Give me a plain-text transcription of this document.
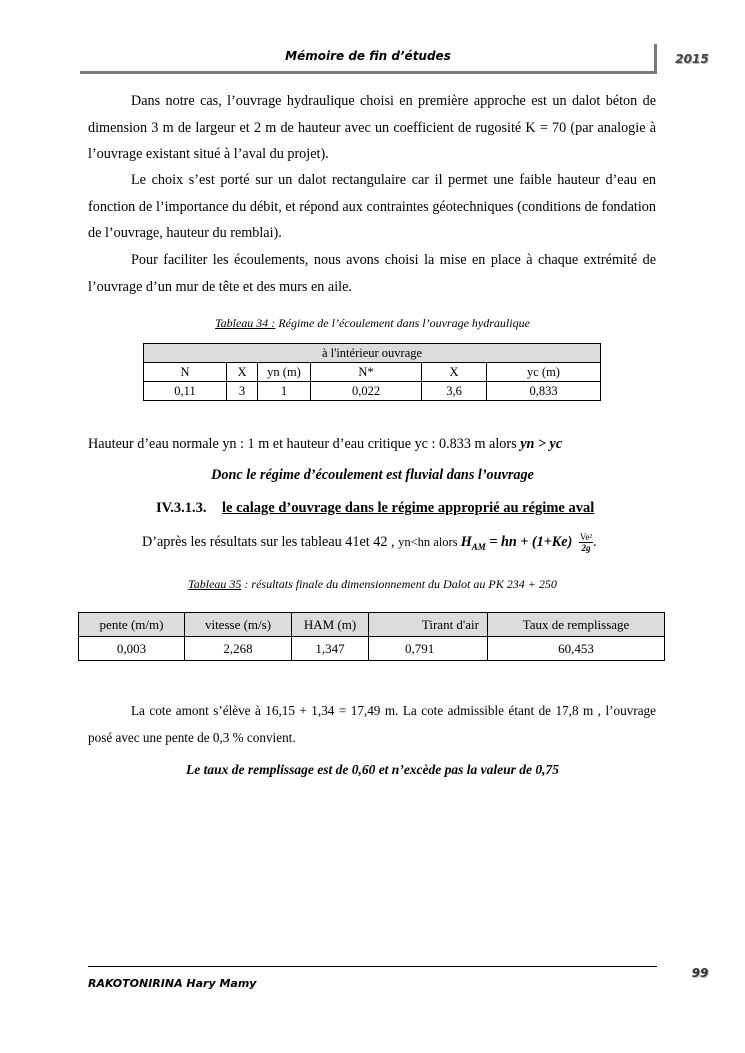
Mémoire de fin d’études	2015
Dans notre cas, l’ouvrage hydraulique choisi en première approche est un dalot béton de dimension 3 m de largeur et 2 m de hauteur avec un coefficient de rugosité K = 70 (par analogie à l’ouvrage existant situé à l’aval du projet).
Le choix s’est porté sur un dalot rectangulaire car il permet une faible hauteur d’eau en fonction de l’importance du débit, et répond aux contraintes géotechniques (conditions de fondation de l’ouvrage, hauteur du remblai).
Pour faciliter les écoulements, nous avons choisi la mise en place à chaque extrémité de l’ouvrage d’un mur de tête et des murs en aile.
Tableau 34 : Régime de l’écoulement dans l’ouvrage hydraulique
à l'intérieur ouvrage					
N	X	yn (m)	N*	X	yc (m)
0,11	3	1	0,022	3,6	0,833
Hauteur d’eau normale yn : 1 m et hauteur d’eau critique yc : 0.833 m alors yn > yc
Donc le régime d’écoulement est fluvial dans l’ouvrage
IV.3.1.3. le calage d’ouvrage dans le régime approprié au régime aval
D’après les résultats sur les tableau 41et 42 , yn<hn alors $H_{AM}$ = hn + $(1+Ke) \frac{\text{Ve²}}{2g}$ .
Tableau 35 : résultats finale du dimensionnement du Dalot au PK 234 + 250
pente (m/m)	vitesse (m/s)	HAM (m)	Tirant d'air	Taux de remplissage
0,003	2,268	1,347	0,791	60,453
La cote amont s’élève à 16,15 + 1,34 = 17,49 m. La cote admissible étant de 17,8 m , l’ouvrage posé avec une pente de 0,3 % convient.
Le taux de remplissage est de 0,60 et n’excède pas la valeur de 0,75
99
RAKOTONIRINA Hary Mamy
